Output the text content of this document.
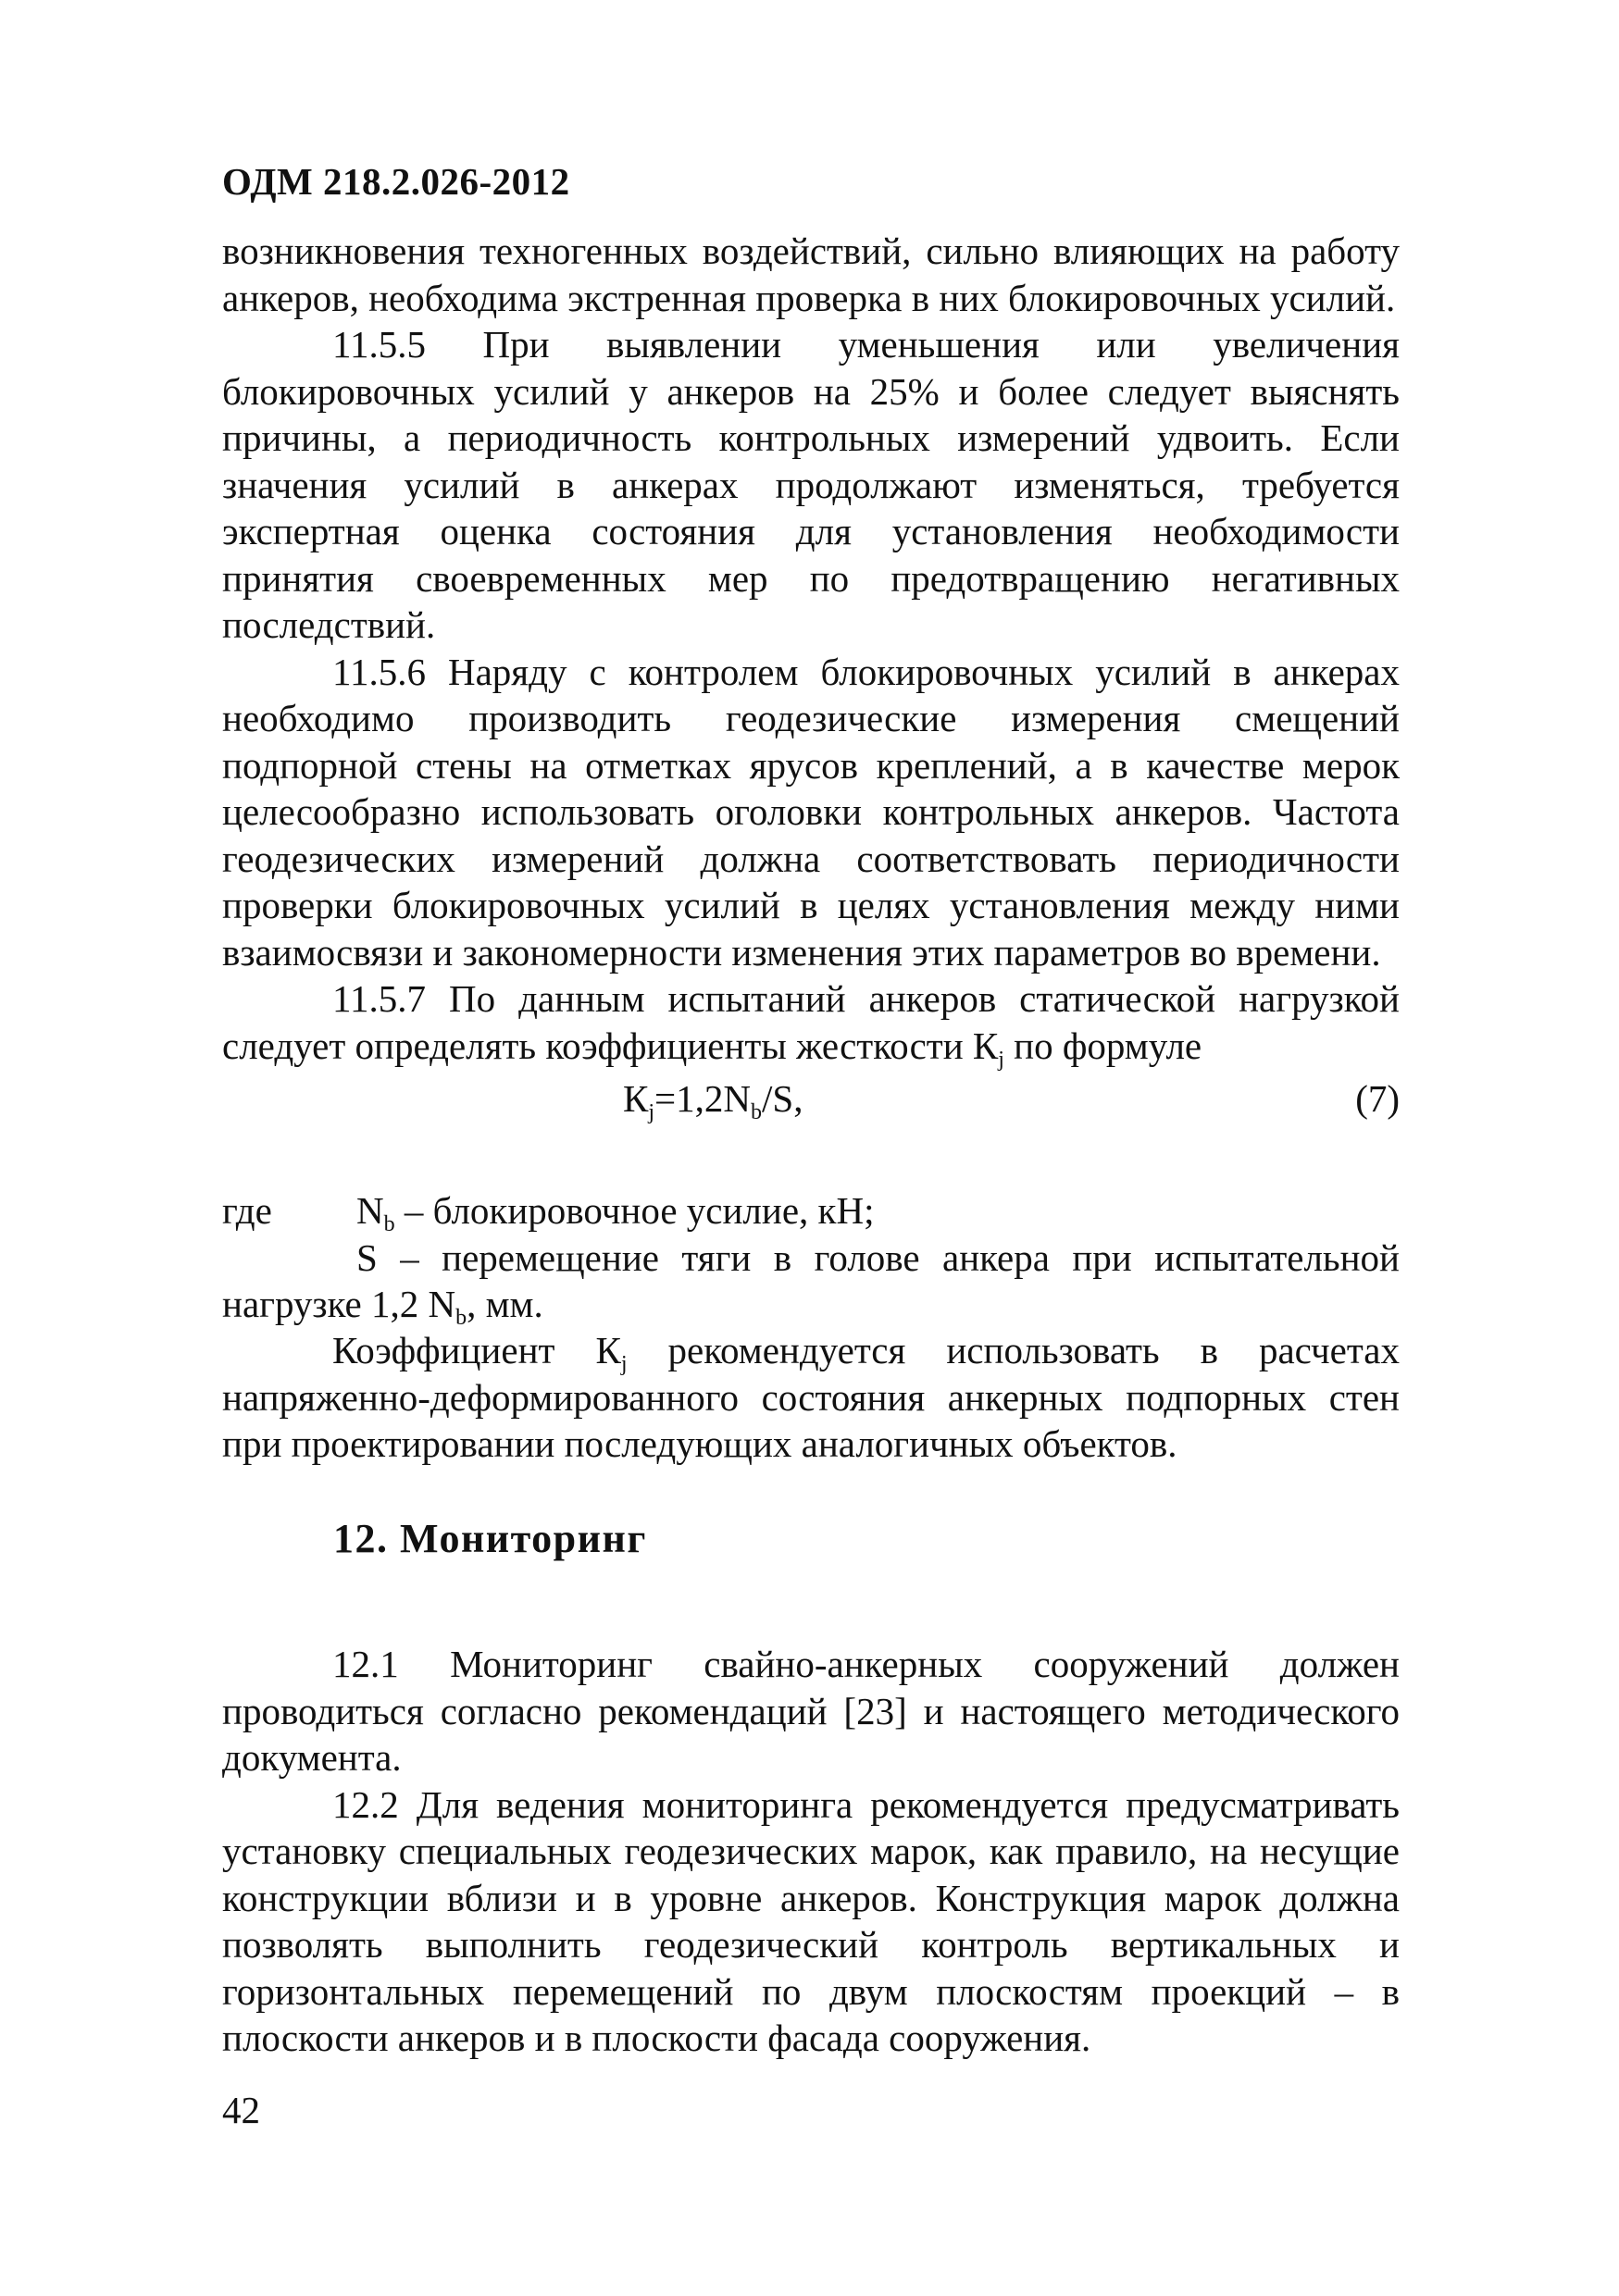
ОДМ 218.2.026-2012

возникновения техногенных воздействий, сильно влияющих на работу анкеров, необходима экстренная проверка в них блокировочных усилий.

11.5.5 При выявлении уменьшения или увеличения блокировочных усилий у анкеров на 25% и более следует выяснять причины, а периодичность контрольных измерений удвоить. Если значения усилий в анкерах продолжают изменяться, требуется экспертная оценка состояния для установления необходимости принятия своевременных мер по предотвращению негативных последствий.

11.5.6 Наряду с контролем блокировочных усилий в анкерах необходимо производить геодезические измерения смещений подпорной стены на отметках ярусов креплений, а в качестве мерок целесообразно использовать оголовки контрольных анкеров. Частота геодезических измерений должна соответствовать периодичности проверки блокировочных усилий в целях установления между ними взаимосвязи и закономерности изменения этих параметров во времени.

11.5.7 По данным испытаний анкеров статической нагрузкой следует определять коэффициенты жесткости $К_j$ по формуле

$К_j=1,2N_b/S$,	(7)
где $N_b$ – блокировочное усилие, кН;

S – перемещение тяги в голове анкера при испытательной нагрузке 1,2 $N_b$, мм.

Коэффициент $К_j$ рекомендуется использовать в расчетах напряженно-деформированного состояния анкерных подпорных стен при проектировании последующих аналогичных объектов.

12. Мониторинг

12.1 Мониторинг свайно-анкерных сооружений должен проводиться согласно рекомендаций [23] и настоящего методического документа.

12.2 Для ведения мониторинга рекомендуется предусматривать установку специальных геодезических марок, как правило, на несущие конструкции вблизи и в уровне анкеров. Конструкция марок должна позволять выполнить геодезический контроль вертикальных и горизонтальных перемещений по двум плоскостям проекций – в плоскости анкеров и в плоскости фасада сооружения.

42
